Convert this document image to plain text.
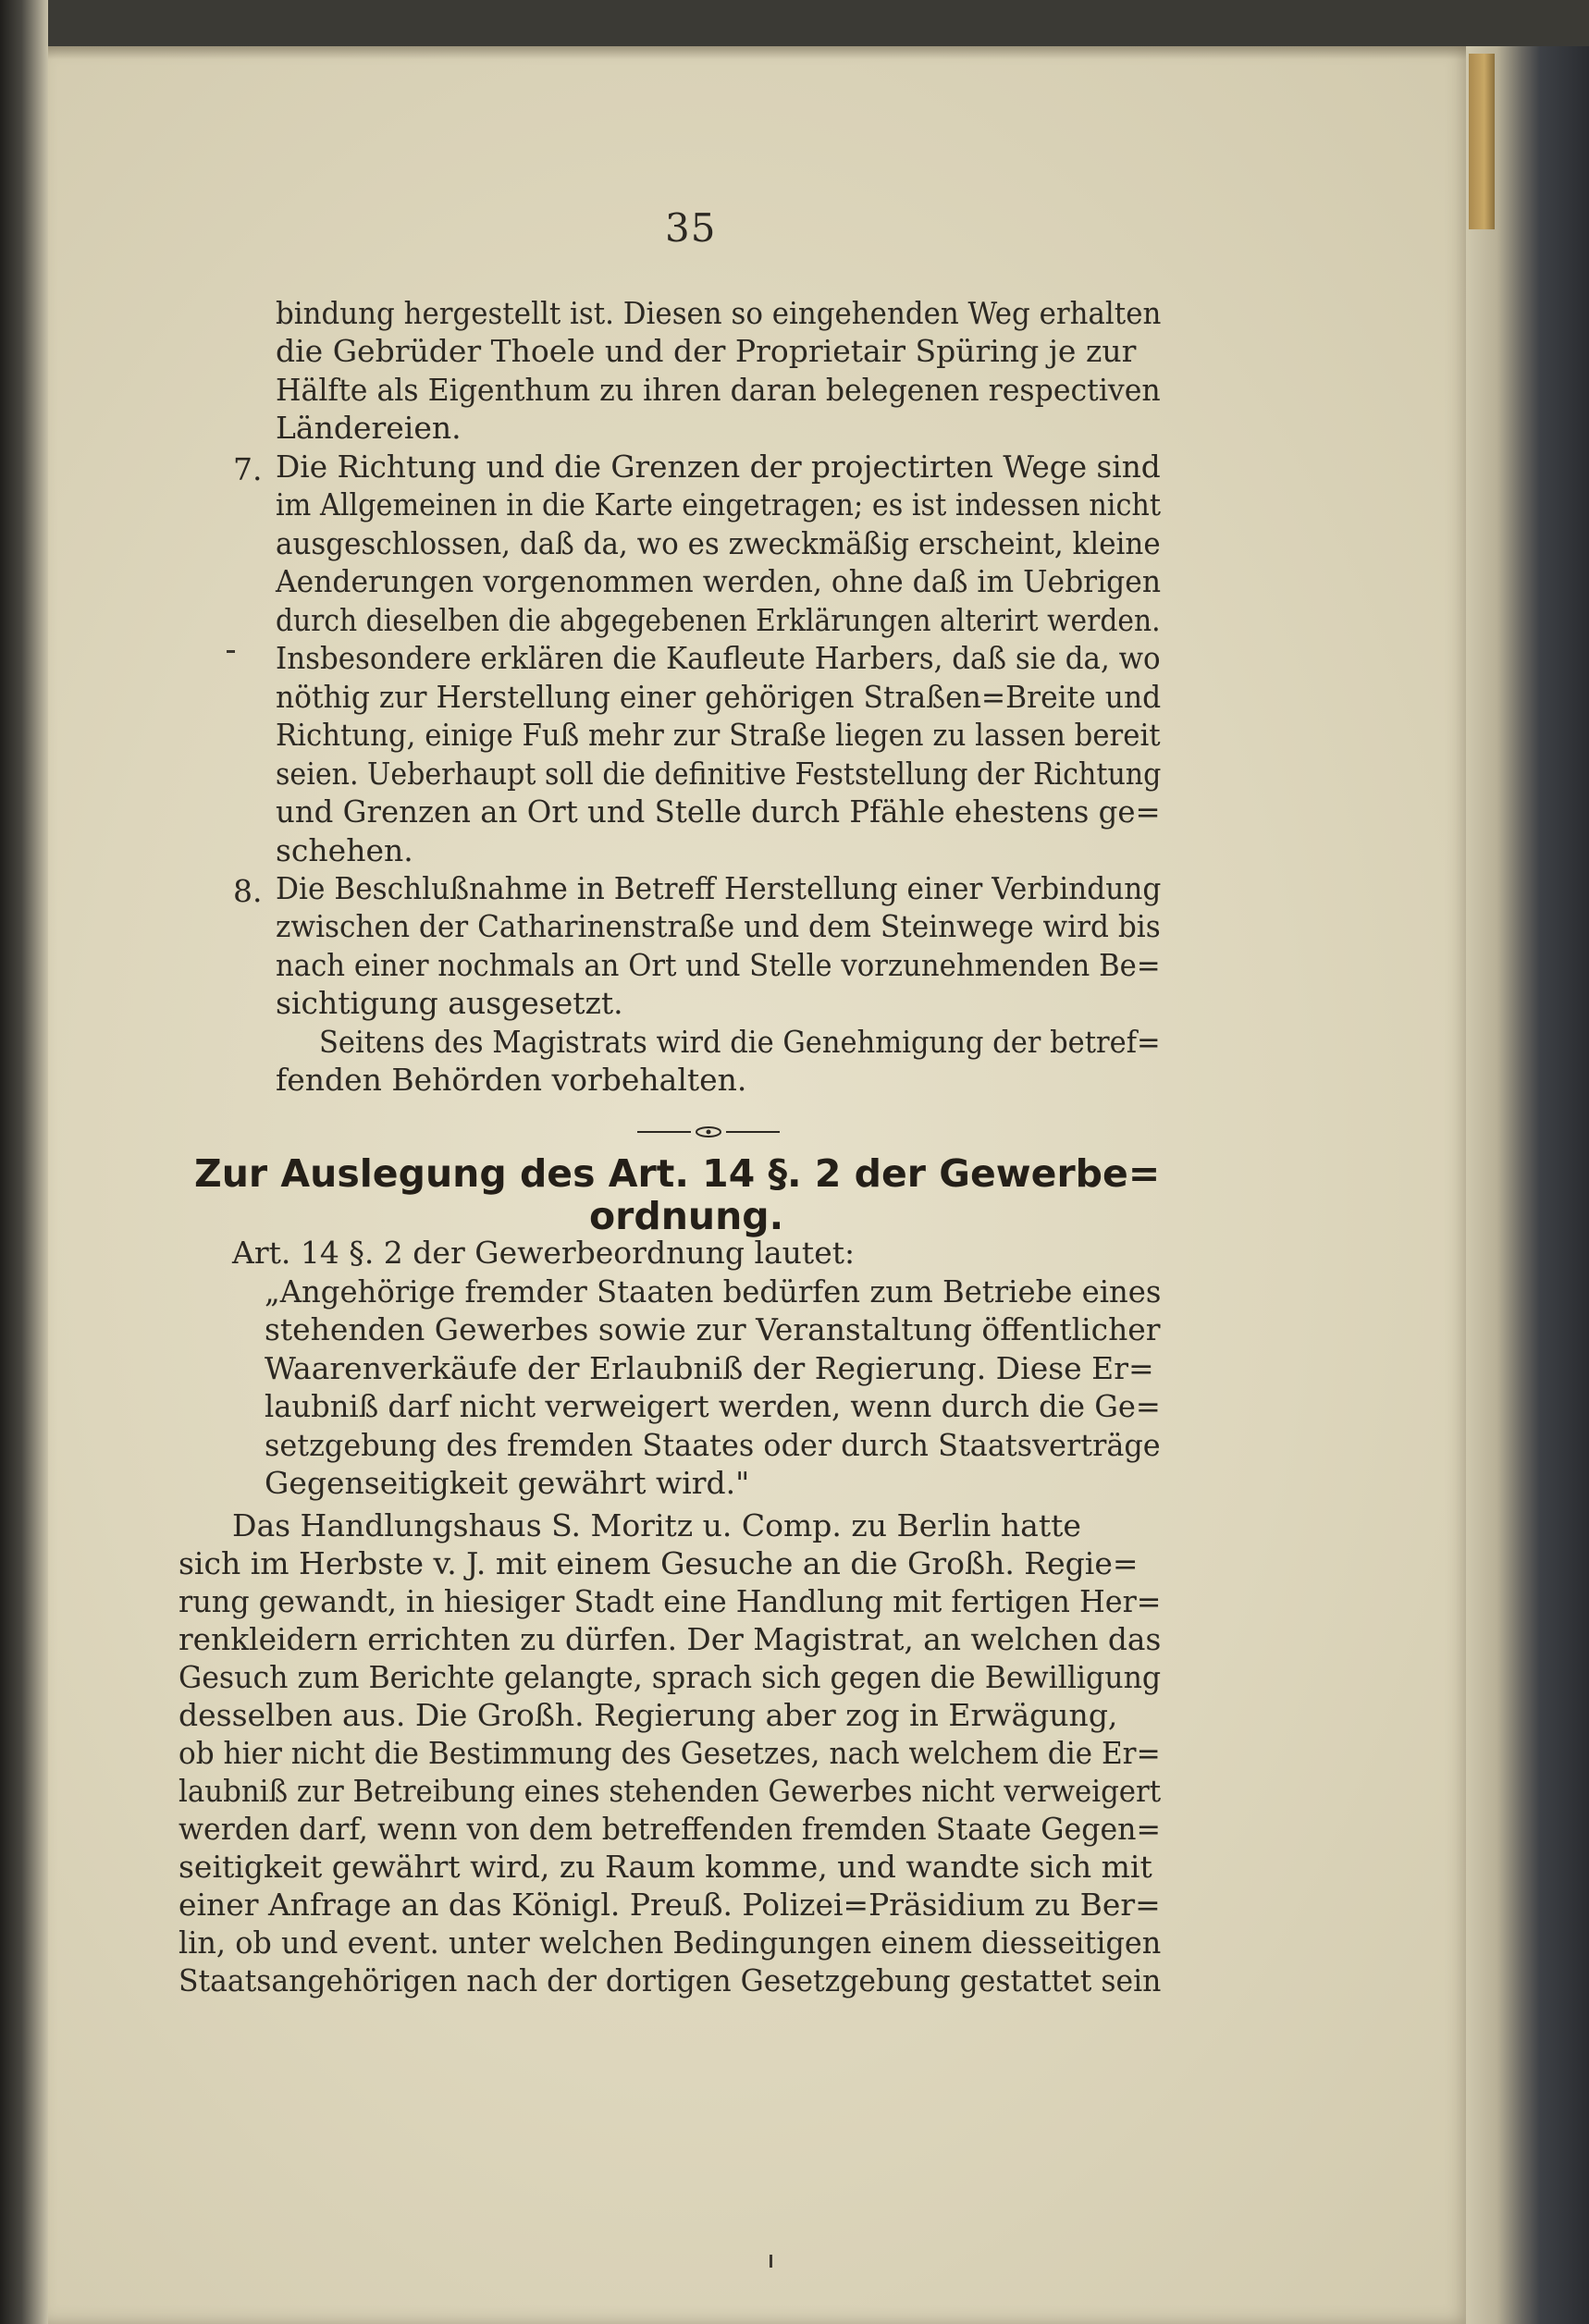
35
bindung hergestellt ist. Diesen so eingehenden Weg erhalten
die Gebrüder Thoele und der Proprietair Spüring je zur
Hälfte als Eigenthum zu ihren daran belegenen respectiven
Ländereien.
7. Die Richtung und die Grenzen der projectirten Wege sind
im Allgemeinen in die Karte eingetragen; es ist indessen nicht
ausgeschlossen, daß da, wo es zweckmäßig erscheint, kleine
Aenderungen vorgenommen werden, ohne daß im Uebrigen
durch dieselben die abgegebenen Erklärungen alterirt werden.
Insbesondere erklären die Kaufleute Harbers, daß sie da, wo
nöthig zur Herstellung einer gehörigen Straßen=Breite und
Richtung, einige Fuß mehr zur Straße liegen zu lassen bereit
seien. Ueberhaupt soll die definitive Feststellung der Richtung
und Grenzen an Ort und Stelle durch Pfähle ehestens ge=
schehen.
8. Die Beschlußnahme in Betreff Herstellung einer Verbindung
zwischen der Catharinenstraße und dem Steinwege wird bis
nach einer nochmals an Ort und Stelle vorzunehmenden Be=
sichtigung ausgesetzt.
Seitens des Magistrats wird die Genehmigung der betref=
fenden Behörden vorbehalten.
Zur Auslegung des Art. 14 §. 2 der Gewerbe=
ordnung.
Art. 14 §. 2 der Gewerbeordnung lautet:
„Angehörige fremder Staaten bedürfen zum Betriebe eines
stehenden Gewerbes sowie zur Veranstaltung öffentlicher
Waarenverkäufe der Erlaubniß der Regierung. Diese Er=
laubniß darf nicht verweigert werden, wenn durch die Ge=
setzgebung des fremden Staates oder durch Staatsverträge
Gegenseitigkeit gewährt wird."
Das Handlungshaus S. Moritz u. Comp. zu Berlin hatte
sich im Herbste v. J. mit einem Gesuche an die Großh. Regie=
rung gewandt, in hiesiger Stadt eine Handlung mit fertigen Her=
renkleidern errichten zu dürfen. Der Magistrat, an welchen das
Gesuch zum Berichte gelangte, sprach sich gegen die Bewilligung
desselben aus. Die Großh. Regierung aber zog in Erwägung,
ob hier nicht die Bestimmung des Gesetzes, nach welchem die Er=
laubniß zur Betreibung eines stehenden Gewerbes nicht verweigert
werden darf, wenn von dem betreffenden fremden Staate Gegen=
seitigkeit gewährt wird, zu Raum komme, und wandte sich mit
einer Anfrage an das Königl. Preuß. Polizei=Präsidium zu Ber=
lin, ob und event. unter welchen Bedingungen einem diesseitigen
Staatsangehörigen nach der dortigen Gesetzgebung gestattet sein
